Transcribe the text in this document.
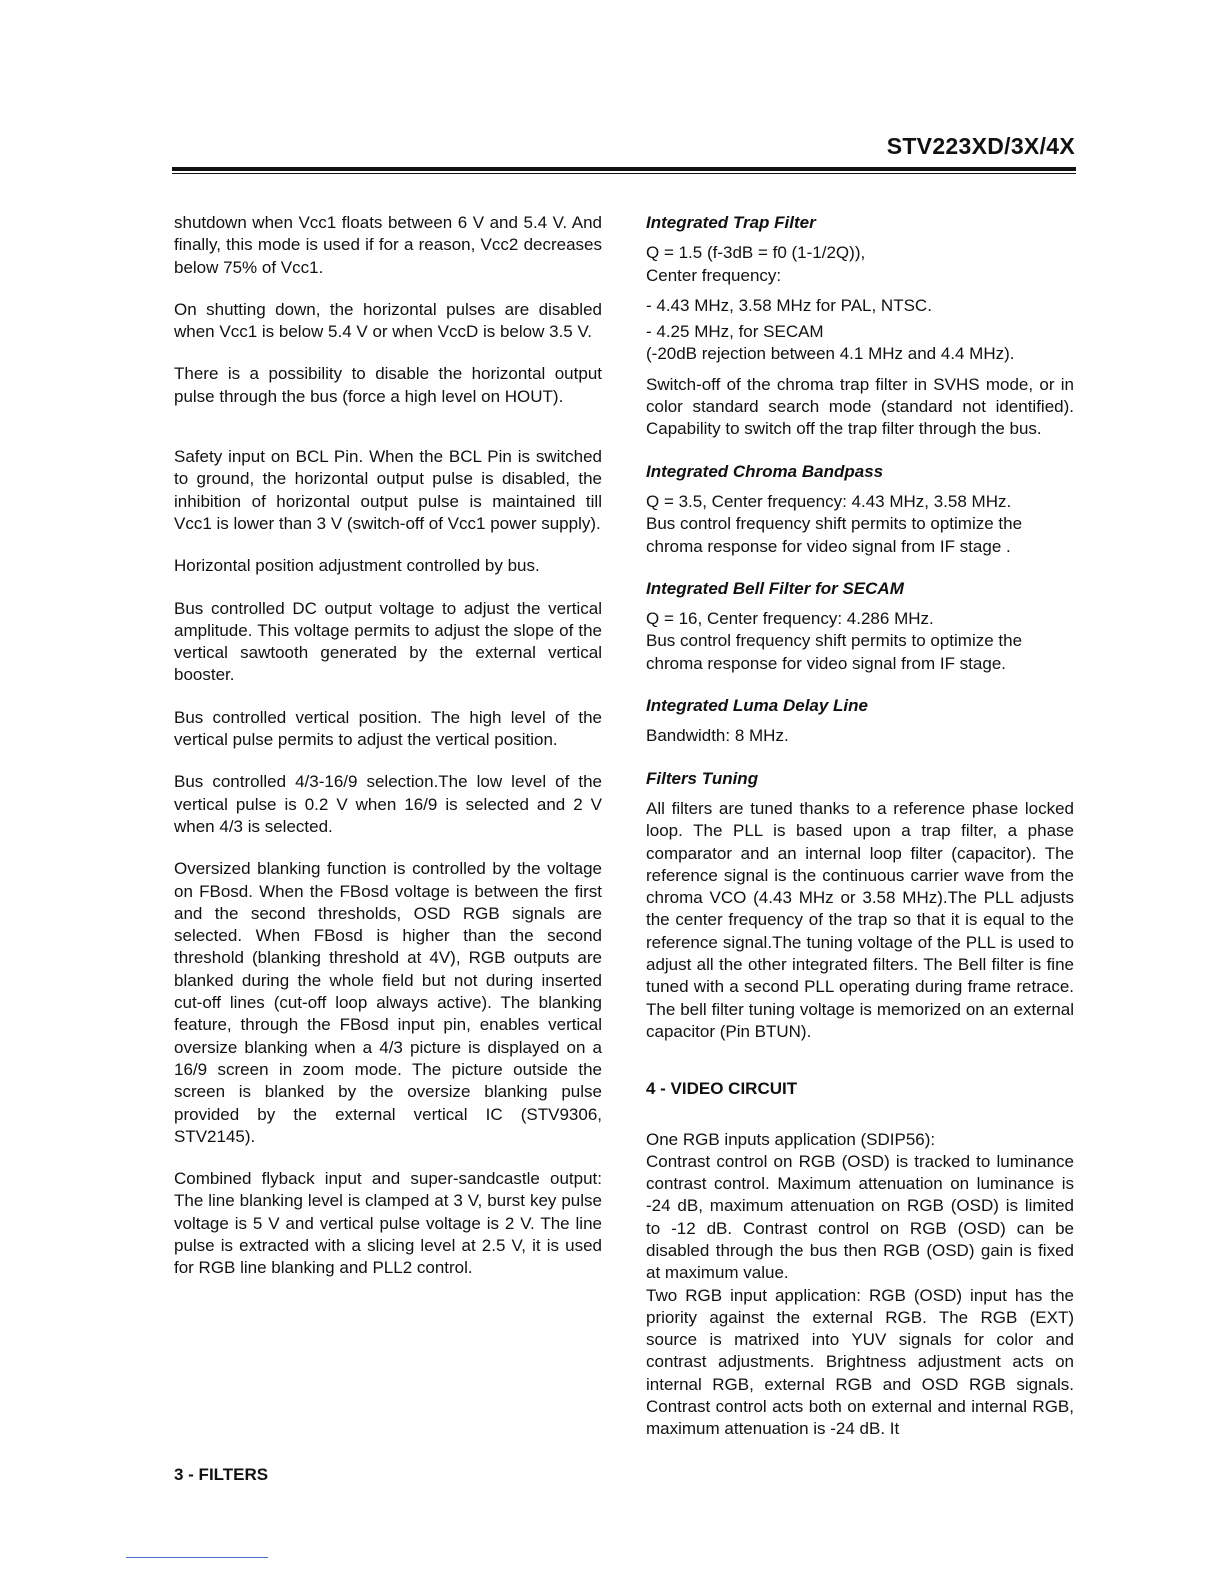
STV223XD/3X/4X

shutdown when Vcc1 floats between 6 V and 5.4 V. And finally, this mode is used if for a reason, Vcc2 decreases below 75% of Vcc1.

On shutting down, the horizontal pulses are disabled when Vcc1 is below 5.4 V or when VccD is below 3.5 V.

There is a possibility to disable the horizontal output pulse through the bus (force a high level on HOUT).

Safety input on BCL Pin. When the BCL Pin is switched to ground, the horizontal output pulse is disabled, the inhibition of horizontal output pulse is maintained till Vcc1 is lower than 3 V (switch-off of Vcc1 power supply).

Horizontal position adjustment controlled by bus.

Bus controlled DC output voltage to adjust the vertical amplitude. This voltage permits to adjust the slope of the vertical sawtooth generated by the external vertical booster.

Bus controlled vertical position. The high level of the vertical pulse permits to adjust the vertical position.

Bus controlled 4/3-16/9 selection.The low level of the vertical pulse is 0.2 V when 16/9 is selected and 2 V when 4/3 is selected.

Oversized blanking function is controlled by the voltage on FBosd. When the FBosd voltage is between the first and the second thresholds, OSD RGB signals are selected. When FBosd is higher than the second threshold (blanking threshold at 4V), RGB outputs are blanked during the whole field but not during inserted cut-off lines (cut-off loop always active). The blanking feature, through the FBosd input pin, enables vertical oversize blanking when a 4/3 picture is displayed on a 16/9 screen in zoom mode. The picture outside the screen is blanked by the oversize blanking pulse provided by the external vertical IC (STV9306, STV2145).

Combined flyback input and super-sandcastle output: The line blanking level is clamped at 3 V, burst key pulse voltage is 5 V and vertical pulse voltage is 2 V. The line pulse is extracted with a slicing level at 2.5 V, it is used for RGB line blanking and PLL2 control.

3 - FILTERS
Integrated Trap Filter
Q = 1.5 (f-3dB = f0 (1-1/2Q)),
Center frequency:
- 4.43 MHz, 3.58 MHz for PAL, NTSC.
- 4.25 MHz, for SECAM
(-20dB rejection between 4.1 MHz and 4.4 MHz).

Switch-off of the chroma trap filter in SVHS mode, or in color standard search mode (standard not identified). Capability to switch off the trap filter through the bus.

Integrated Chroma Bandpass
Q = 3.5, Center frequency: 4.43 MHz, 3.58 MHz.
Bus control frequency shift permits to optimize the chroma response for video signal from IF stage .
Integrated Bell Filter for SECAM
Q = 16, Center frequency: 4.286 MHz.
Bus control frequency shift permits to optimize the chroma response for video signal from IF stage.
Integrated Luma Delay Line
Bandwidth: 8 MHz.
Filters Tuning

All filters are tuned thanks to a reference phase locked loop. The PLL is based upon a trap filter, a phase comparator and an internal loop filter (capacitor). The reference signal is the continuous carrier wave from the chroma VCO (4.43 MHz or 3.58 MHz).The PLL adjusts the center frequency of the trap so that it is equal to the reference signal.The tuning voltage of the PLL is used to adjust all the other integrated filters. The Bell filter is fine tuned with a second PLL operating during frame retrace. The bell filter tuning voltage is memorized on an external capacitor (Pin BTUN).

4 - VIDEO CIRCUIT
One RGB inputs application (SDIP56):

Contrast control on RGB (OSD) is tracked to luminance contrast control. Maximum attenuation on luminance is -24 dB, maximum attenuation on RGB (OSD) is limited to -12 dB. Contrast control on RGB (OSD) can be disabled through the bus then RGB (OSD) gain is fixed at maximum value.

Two RGB input application: RGB (OSD) input has the priority against the external RGB. The RGB (EXT) source is matrixed into YUV signals for color and contrast adjustments. Brightness adjustment acts on internal RGB, external RGB and OSD RGB signals. Contrast control acts both on external and internal RGB, maximum attenuation is -24 dB. It
